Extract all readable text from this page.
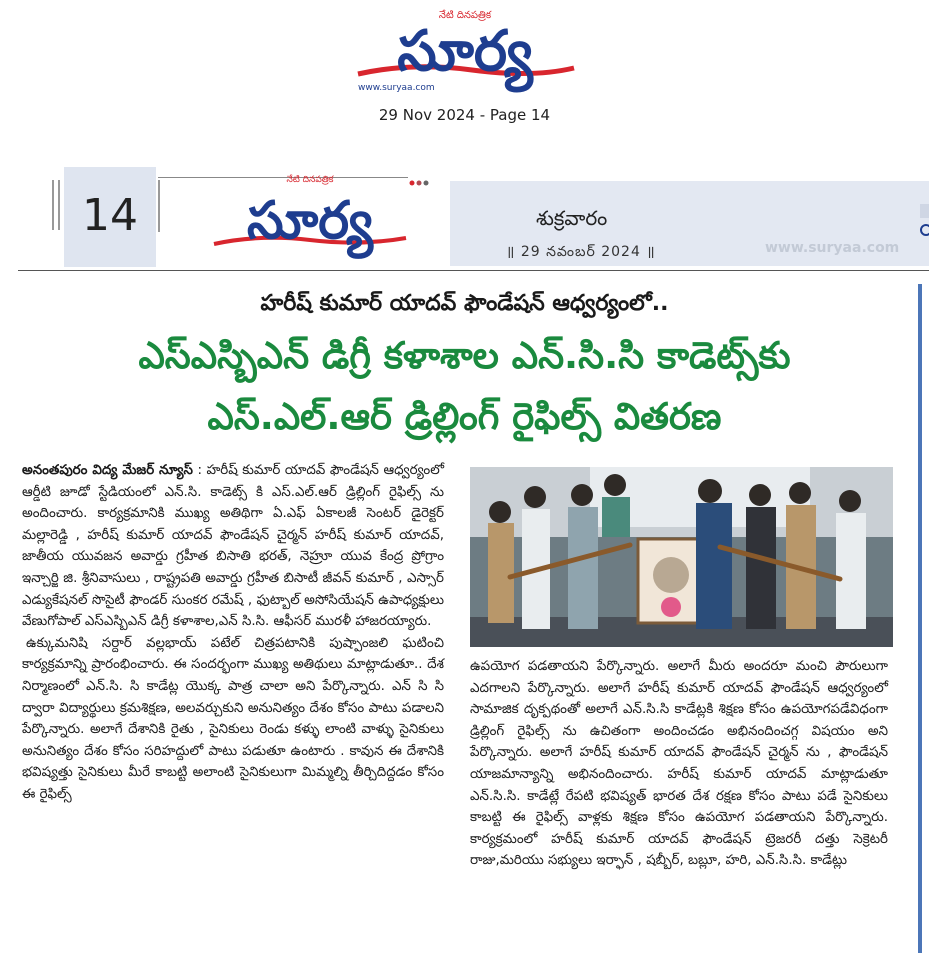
నేటి దినపత్రిక
సూర్య
www.suryaa.com
29 Nov 2024 - Page 14
14
నేటి దినపత్రిక
సూర్య	శుక్రవారం
॥ 29 నవంబర్ 2024 ॥	www.suryaa.com
హరీష్ కుమార్ యాదవ్ ఫౌండేషన్ ఆధ్వర్యంలో..
ఎస్ఎస్బిఎన్ డిగ్రీ కళాశాల ఎన్.సి.సి కాడెట్స్‌కు
ఎస్.ఎల్.ఆర్ డ్రిల్లింగ్ రైఫిల్స్ వితరణ

అనంతపురం విద్య మేజర్ న్యూస్ : హరీష్ కుమార్ యాదవ్ ఫౌండేషన్ ఆధ్వర్యంలో ఆర్డీటి జూడో స్టేడియంలో ఎన్.సి. కాడెట్స్ కి ఎస్.ఎల్.ఆర్ డ్రిల్లింగ్ రైఫిల్స్ ను అందించారు. కార్యక్రమానికి ముఖ్య అతిథిగా ఏ.ఎఫ్ ఏకాలజీ సెంటర్ డైరెక్టర్ మల్లారెడ్డి , హరీష్ కుమార్ యాదవ్ ఫౌండేషన్ చైర్మన్ హరీష్ కుమార్ యాదవ్, జాతీయ యువజన అవార్డు గ్రహీత బిసాతి భరత్, నెహ్రూ యువ కేంద్ర ప్రోగ్రాం ఇన్చార్జి జి. శ్రీనివాసులు , రాష్ట్రపతి అవార్డు గ్రహీత బిసాటీ జీవన్ కుమార్ , ఎస్సార్ ఎడ్యుకేషనల్ సొసైటీ ఫౌండర్ సుంకర రమేష్ , ఫుట్బాల్ అసోసియేషన్ ఉపాధ్యక్షులు వేణుగోపాల్ ఎస్ఎస్బిఎన్ డిగ్రీ కళాశాల,ఎన్ సి.సి. ఆఫీసర్ మురళీ హాజరయ్యారు.

ఉక్కుమనిషి సర్దార్ వల్లభాయ్ పటేల్ చిత్రపటానికి పుష్పాంజలి ఘటించి కార్యక్రమాన్ని ప్రారంభించారు. ఈ సందర్భంగా ముఖ్య అతిథులు మాట్లాడుతూ.. దేశ నిర్మాణంలో ఎన్.సి. సి కాడేట్ల యొక్క పాత్ర చాలా అని పేర్కొన్నారు. ఎన్ సి సి ద్వారా విద్యార్థులు క్రమశిక్షణ, అలవర్చుకుని అనునిత్యం దేశం కోసం పాటు పడాలని పేర్కొన్నారు. అలాగే దేశానికి రైతు , సైనికులు రెండు కళ్ళు లాంటి వాళ్ళు సైనికులు అనునిత్యం దేశం కోసం సరిహద్దులో పాటు పడుతూ ఉంటారు . కావున ఈ దేశానికి భవిష్యత్తు సైనికులు మీరే కాబట్టి అలాంటి సైనికులుగా మిమ్మల్ని తీర్చిదిద్దడం కోసం ఈ రైఫిల్స్

ఉపయోగ పడతాయని పేర్కొన్నారు. అలాగే మీరు అందరూ మంచి పౌరులుగా ఎదగాలని పేర్కొన్నారు. అలాగే హరీష్ కుమార్ యాదవ్ ఫౌండేషన్ ఆధ్వర్యంలో సామాజిక దృక్పథంతో అలాగే ఎన్.సి.సి కాడేట్లకి శిక్షణ కోసం ఉపయోగపడేవిధంగా డ్రిల్లింగ్ రైఫిల్స్ ను ఉచితంగా అందించడం అభినందించగ్గ విషయం అని పేర్కొన్నారు. అలాగే హరీష్ కుమార్ యాదవ్ ఫౌండేషన్ చైర్మన్ ను , ఫౌండేషన్ యాజమాన్యాన్ని అభినందించారు. హరీష్ కుమార్ యాదవ్ మాట్లాడుతూ ఎన్.సి.సి. కాడేట్లే రేపటి భవిష్యత్ భారత దేశ రక్షణ కోసం పాటు పడే సైనికులు కాబట్టి ఈ రైఫిల్స్ వాళ్లకు శిక్షణ కోసం ఉపయోగ పడతాయని పేర్కొన్నారు. కార్యక్రమంలో హరీష్ కుమార్ యాదవ్ ఫౌండేషన్ ట్రెజరరీ దత్తు సెక్రెటరీ రాజు,మరియు సభ్యులు ఇర్ఫాన్ , షబ్బీర్, బబ్లూ, హరి, ఎన్.సి.సి. కాడేట్లు
